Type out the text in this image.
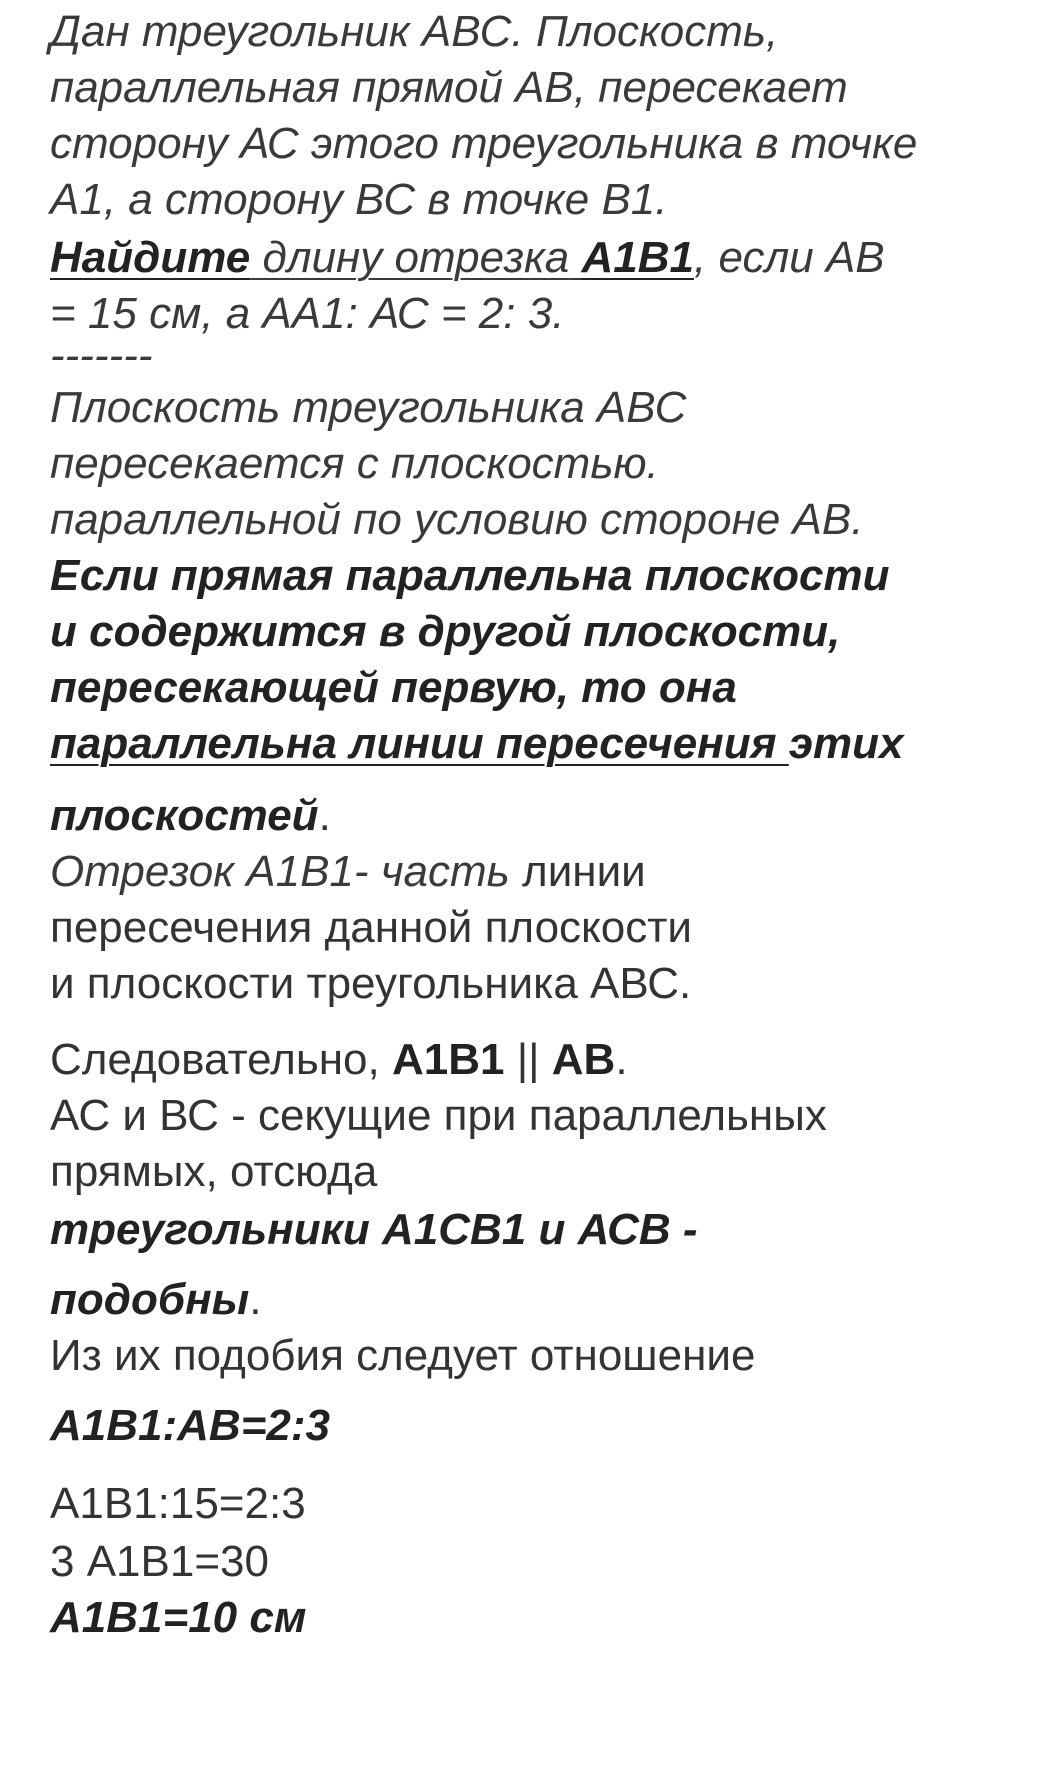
Дан треугольник АВС. Плоскость,
параллельная прямой АВ, пересекает
сторону АС этого треугольника в точке
А1, а сторону ВС в точке В1.
Найдите длину отрезка А1В1, если АВ
= 15 см, а АА1: АС = 2: 3.
-------
Плоскость треугольника АВС
пересекается с плоскостью.
параллельной по условию стороне АВ.
Если прямая параллельна плоскости
и содержится в другой плоскости,
пересекающей первую, то она
параллельна линии пересечения этих
плоскостей.
Отрезок А1В1- часть линии
пересечения данной плоскости
и плоскости треугольника АВС.
Следовательно, А1В1 || АВ.
АС и ВС - секущие при параллельных
прямых, отсюда
треугольники А1СВ1 и АСВ -
подобны.
Из их подобия следует отношение
А1В1:АВ=2:3
А1В1:15=2:3
3 А1В1=30
А1В1=10 см
